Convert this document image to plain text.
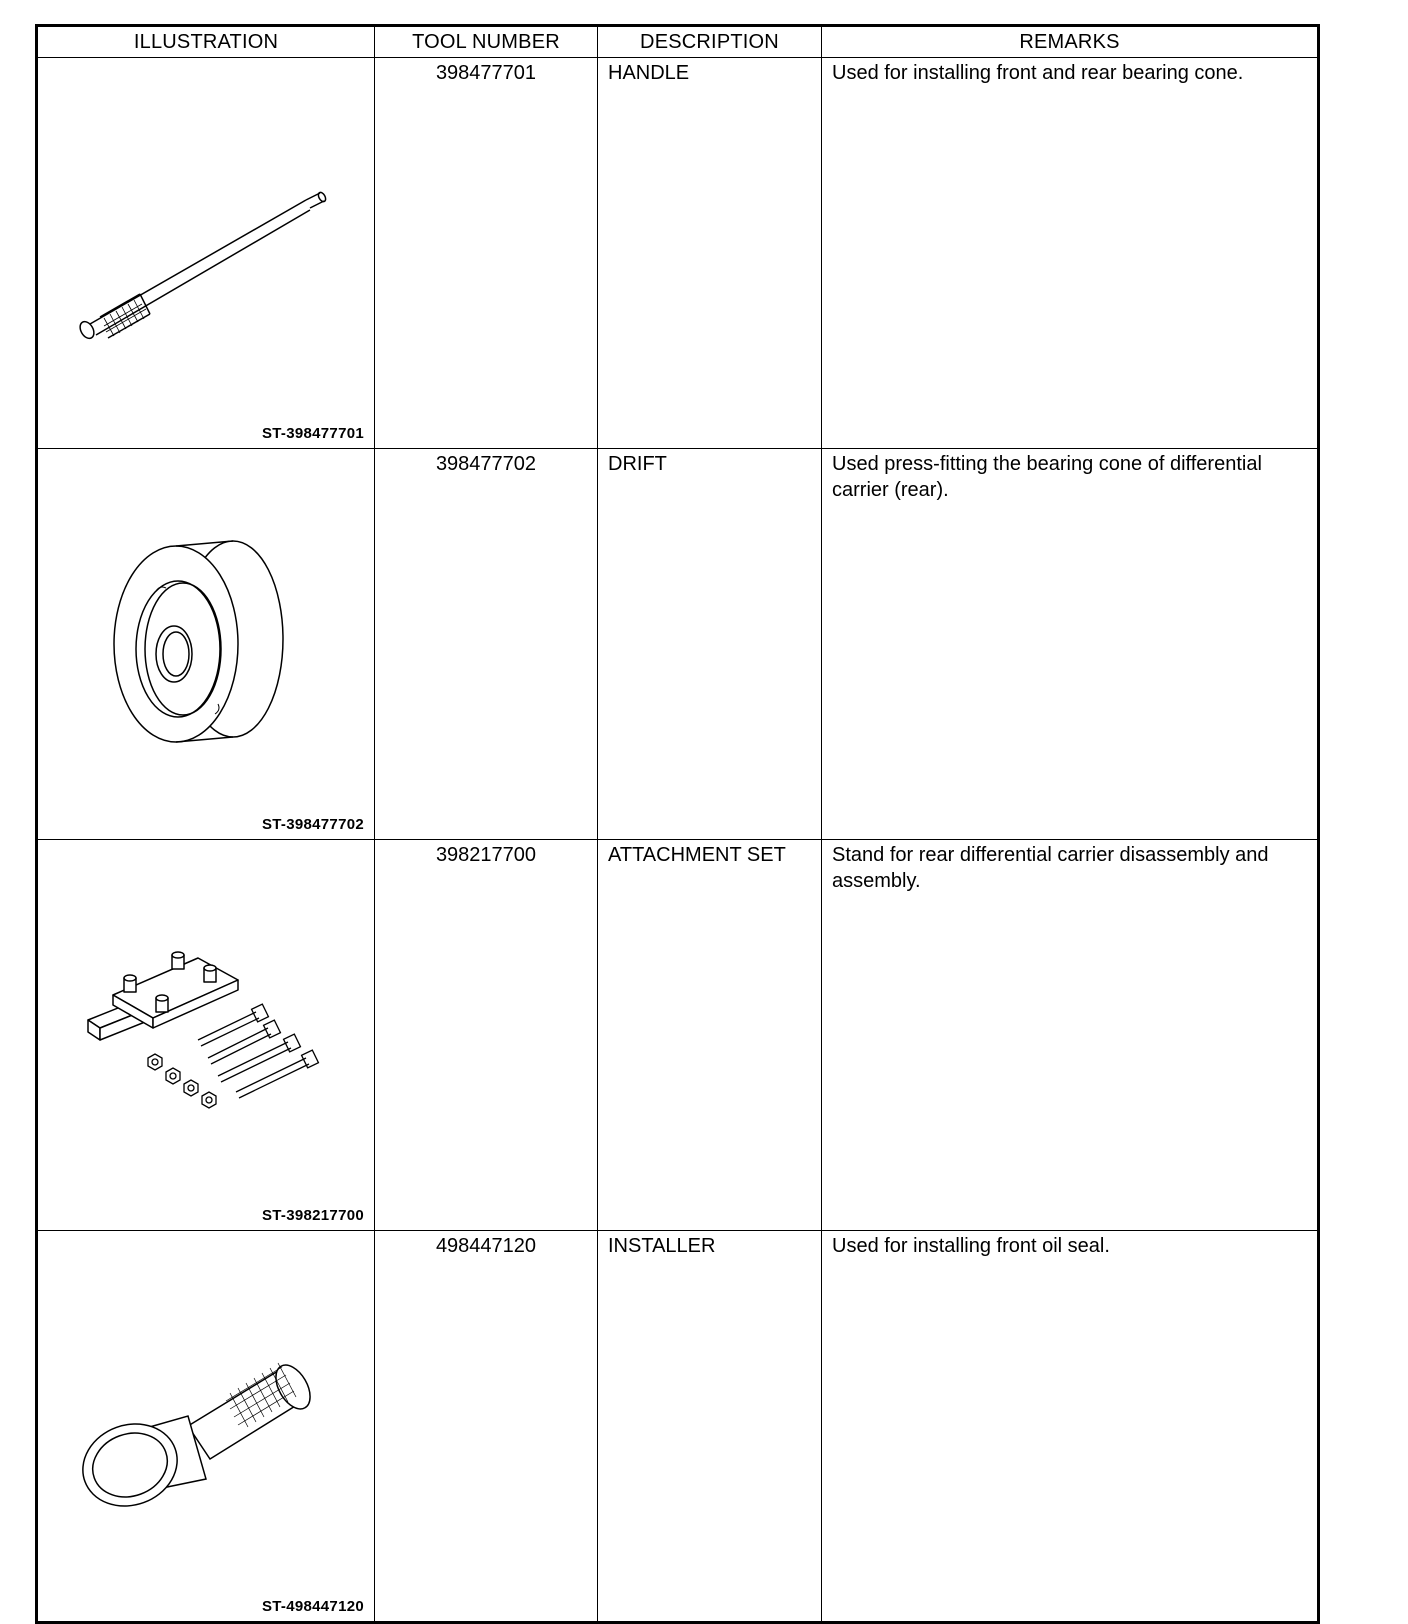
ILLUSTRATION	TOOL NUMBER	DESCRIPTION	REMARKS

ST-398477701	398477701	HANDLE	Used for installing front and rear bearing cone.

ST-398477702	398477702	DRIFT	Used press-fitting the bearing cone of differential carrier (rear).

ST-398217700	398217700	ATTACHMENT SET	Stand for rear differential carrier disassembly and assembly.

ST-498447120	498447120	INSTALLER	Used for installing front oil seal.
